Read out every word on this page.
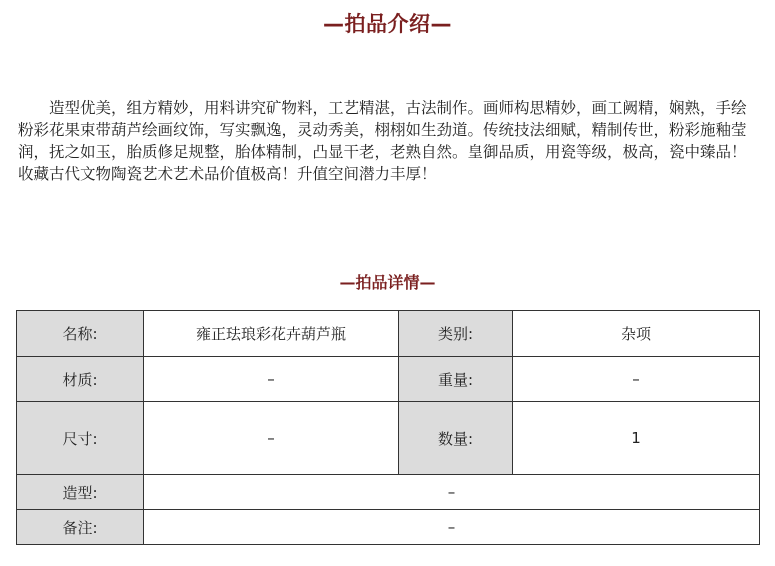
—拍品介绍—
造型优美，组方精妙，用料讲究矿物料，工艺精湛，古法制作。画师构思精妙，画工阙精，娴熟，手绘粉彩花果束带葫芦绘画纹饰，写实飘逸，灵动秀美，栩栩如生劲道。传统技法细赋，精制传世，粉彩施釉莹润，抚之如玉，胎质修足规整，胎体精制，凸显干老，老熟自然。皇御品质，用瓷等级，极高，瓷中臻品！收藏古代文物陶瓷艺术艺术品价值极高！升值空间潜力丰厚！
—拍品详情—
名称:	雍正珐琅彩花卉葫芦瓶	类别:	杂项
材质:	–	重量:	–
尺寸:	–	数量:	1
造型:	–		
备注:	–		
